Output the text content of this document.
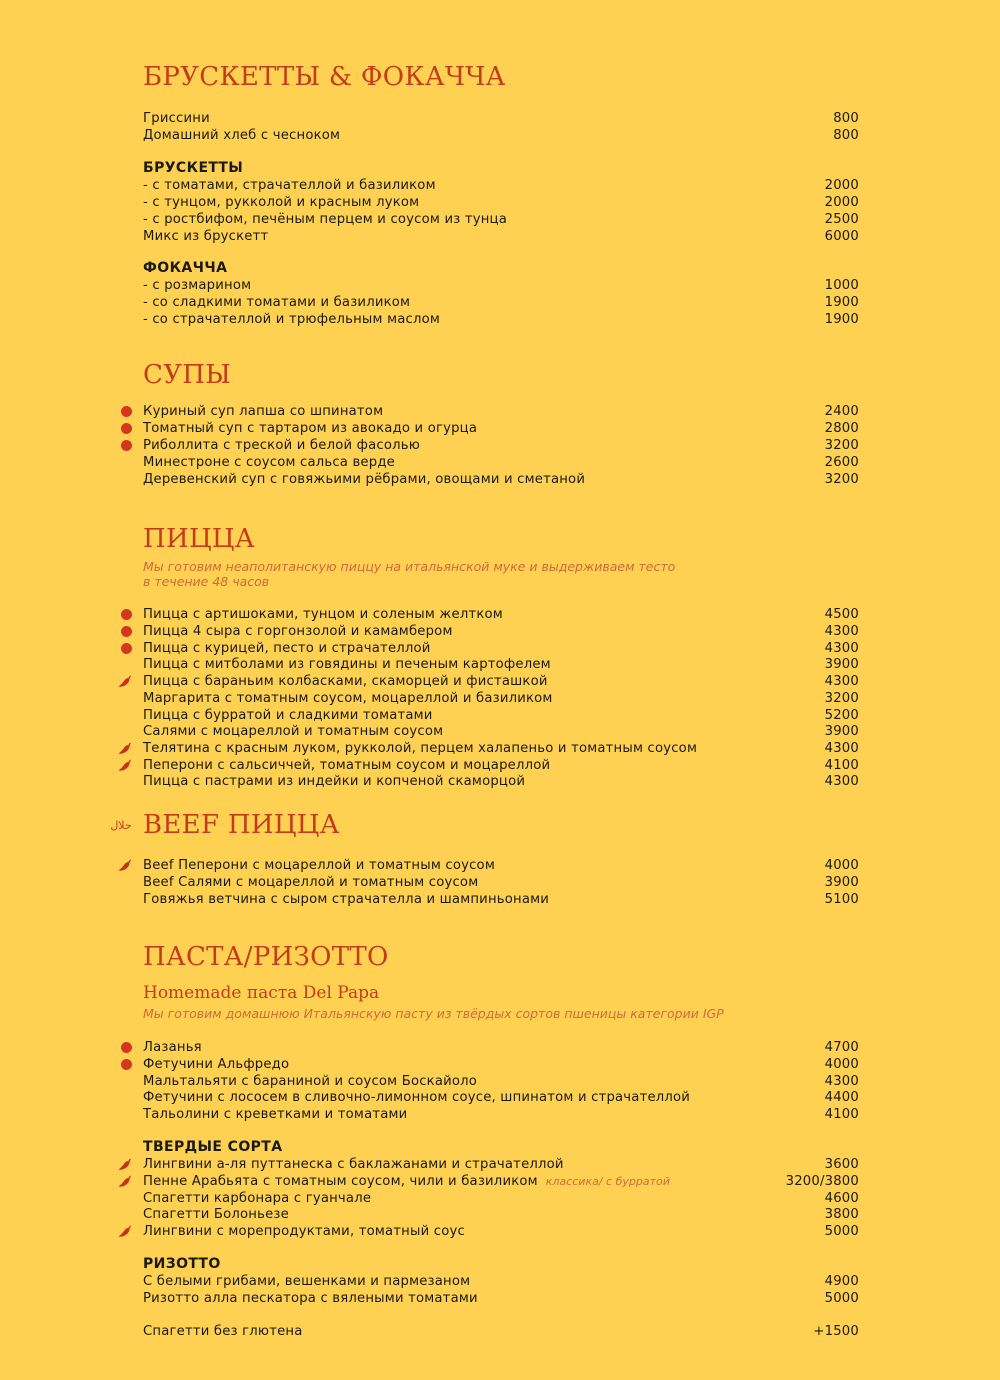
БРУСКЕТТЫ & ФОКАЧЧА
Гриссини	800
Домашний хлеб с чесноком	800
БРУСКЕТТЫ
- с томатами, страчателлой и базиликом	2000
- с тунцом, рукколой и красным луком	2000
- с ростбифом, печёным перцем и соусом из тунца	2500
Микс из брускетт	6000
ФОКАЧЧА
- с розмарином	1000
- со сладкими томатами и базиликом	1900
- со страчателлой и трюфельным маслом	1900
СУПЫ
Куриный суп лапша со шпинатом	2400
Томатный суп с тартаром из авокадо и огурца	2800
Риболлита с треской и белой фасолью	3200
Минестроне с соусом сальса верде	2600
Деревенский суп с говяжьими рёбрами, овощами и сметаной	3200
ПИЦЦА
Мы готовим неаполитанскую пиццу на итальянской муке и выдерживаем тесто
в течение 48 часов
Пицца с артишоками, тунцом и соленым желтком	4500
Пицца 4 сыра с горгонзолой и камамбером	4300
Пицца с курицей, песто и страчателлой	4300
Пицца с митболами из говядины и печеным картофелем	3900
Пицца с бараньим колбасками, скаморцей и фисташкой	4300
Маргарита с томатным соусом, моцареллой и базиликом	3200
Пицца с бурратой и сладкими томатами	5200
Салями с моцареллой и томатным соусом	3900
Телятина с красным луком, рукколой, перцем халапеньо и томатным соусом	4300
Пеперони с сальсиччей, томатным соусом и моцареллой	4100
Пицца с пастрами из индейки и копченой скаморцой	4300
حلال BEEF ПИЦЦА
Beef Пеперони с моцареллой и томатным соусом	4000
Beef Салями с моцареллой и томатным соусом	3900
Говяжья ветчина с сыром страчателла и шампиньонами	5100
ПАСТА/РИЗОТТО
Homemade паста Del Papa
Мы готовим домашнюю Итальянскую пасту из твёрдых сортов пшеницы категории IGP
Лазанья	4700
Фетучини Альфредо	4000
Мальтальяти с бараниной и соусом Боскайоло	4300
Фетучини с лососем в сливочно-лимонном соусе, шпинатом и страчателлой	4400
Тальолини с креветками и томатами	4100
ТВЕРДЫЕ СОРТА
Лингвини а-ля путтанеска с баклажанами и страчателлой	3600
Пенне Арабьята с томатным соусом, чили и базиликом классика/ с бурратой	3200/3800
Спагетти карбонара с гуанчале	4600
Спагетти Болоньезе	3800
Лингвини с морепродуктами, томатный соус	5000
РИЗОТТО
С белыми грибами, вешенками и пармезаном	4900
Ризотто алла пескатора с вялеными томатами	5000
Спагетти без глютена	+1500
